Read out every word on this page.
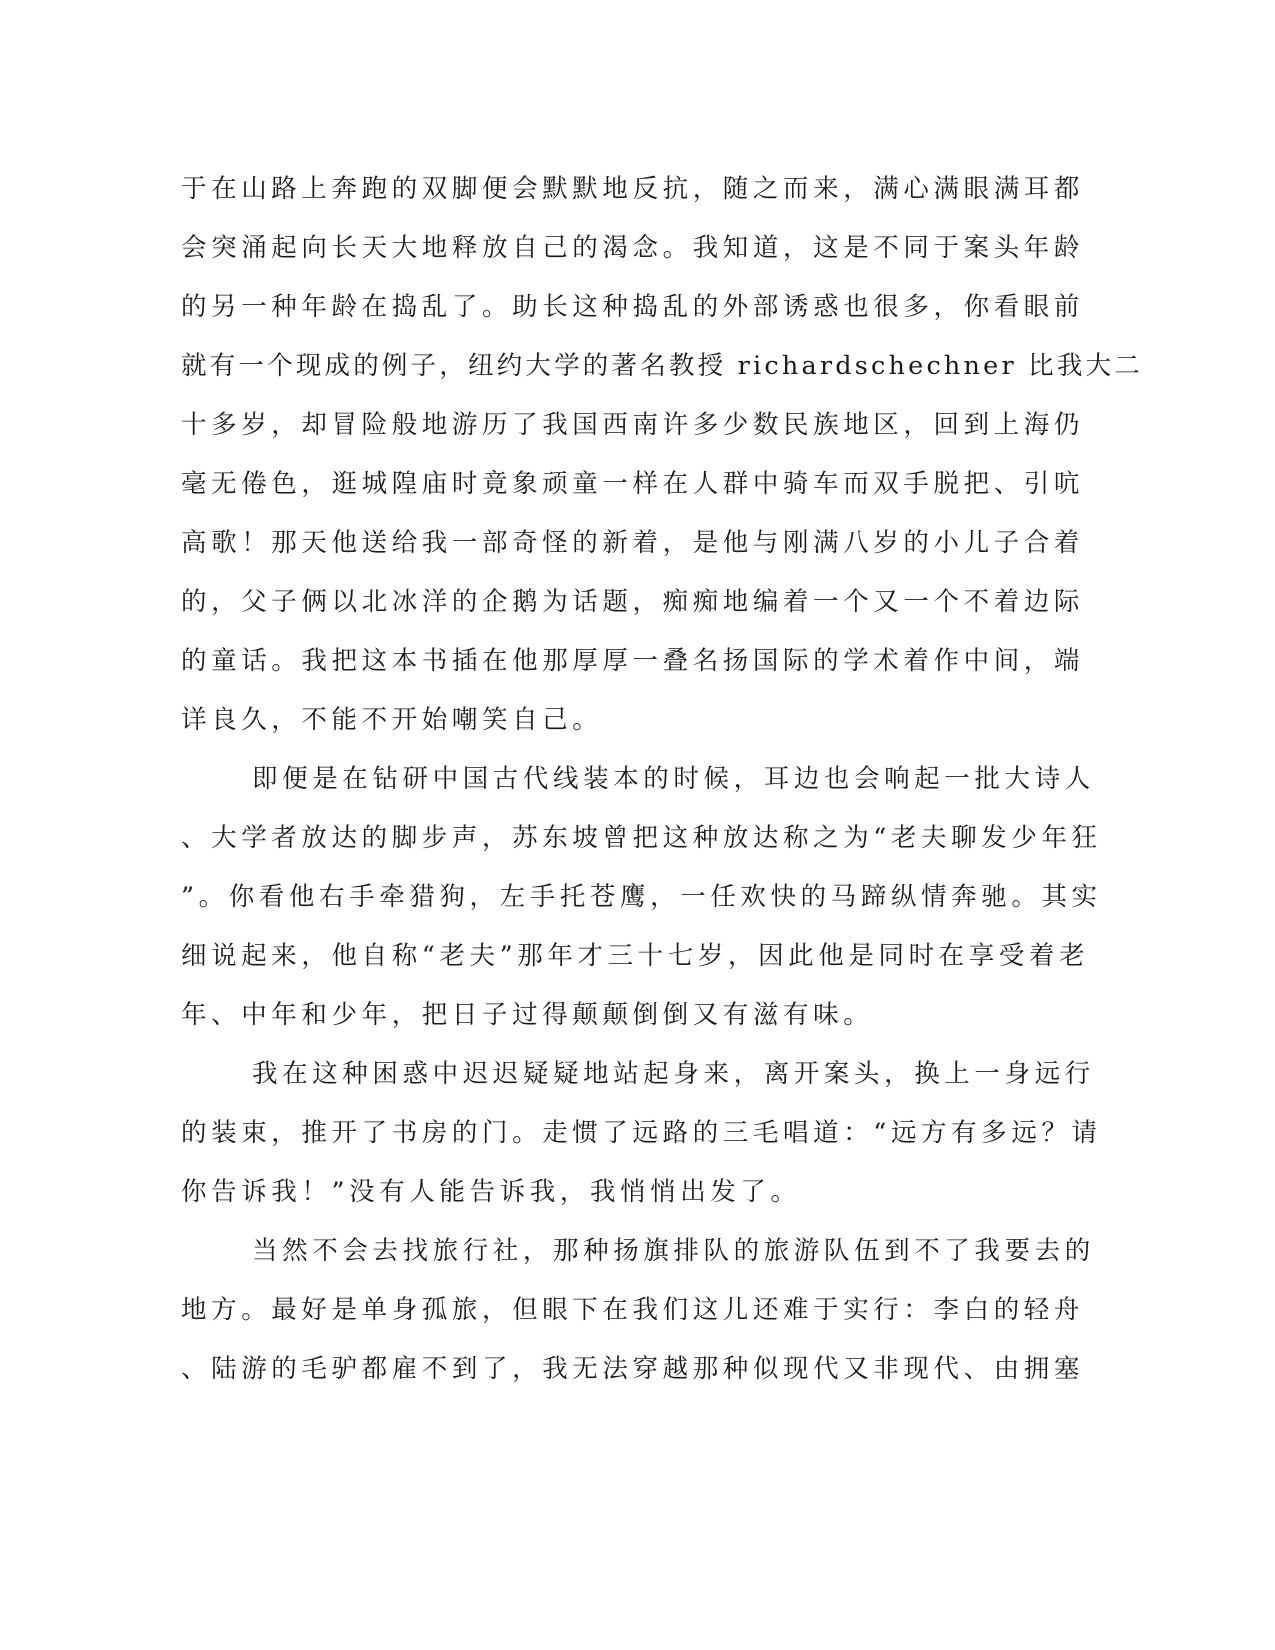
于在山路上奔跑的双脚便会默默地反抗，随之而来，满心满眼满耳都
会突涌起向长天大地释放自己的渴念。我知道，这是不同于案头年龄
的另一种年龄在捣乱了。助长这种捣乱的外部诱惑也很多，你看眼前
就有一个现成的例子，纽约大学的著名教授 richardschechner 比我大二
十多岁，却冒险般地游历了我国西南许多少数民族地区，回到上海仍
毫无倦色，逛城隍庙时竟象顽童一样在人群中骑车而双手脱把、引吭
高歌！那天他送给我一部奇怪的新着，是他与刚满八岁的小儿子合着
的，父子俩以北冰洋的企鹅为话题，痴痴地编着一个又一个不着边际
的童话。我把这本书插在他那厚厚一叠名扬国际的学术着作中间，端
详良久，不能不开始嘲笑自己。
即便是在钻研中国古代线装本的时候，耳边也会响起一批大诗人
、大学者放达的脚步声，苏东坡曾把这种放达称之为“老夫聊发少年狂
”。你看他右手牵猎狗，左手托苍鹰，一任欢快的马蹄纵情奔驰。其实
细说起来，他自称“老夫”那年才三十七岁，因此他是同时在享受着老
年、中年和少年，把日子过得颠颠倒倒又有滋有味。
我在这种困惑中迟迟疑疑地站起身来，离开案头，换上一身远行
的装束，推开了书房的门。走惯了远路的三毛唱道：“远方有多远？请
你告诉我！”没有人能告诉我，我悄悄出发了。
当然不会去找旅行社，那种扬旗排队的旅游队伍到不了我要去的
地方。最好是单身孤旅，但眼下在我们这儿还难于实行：李白的轻舟
、陆游的毛驴都雇不到了，我无法穿越那种似现代又非现代、由拥塞
